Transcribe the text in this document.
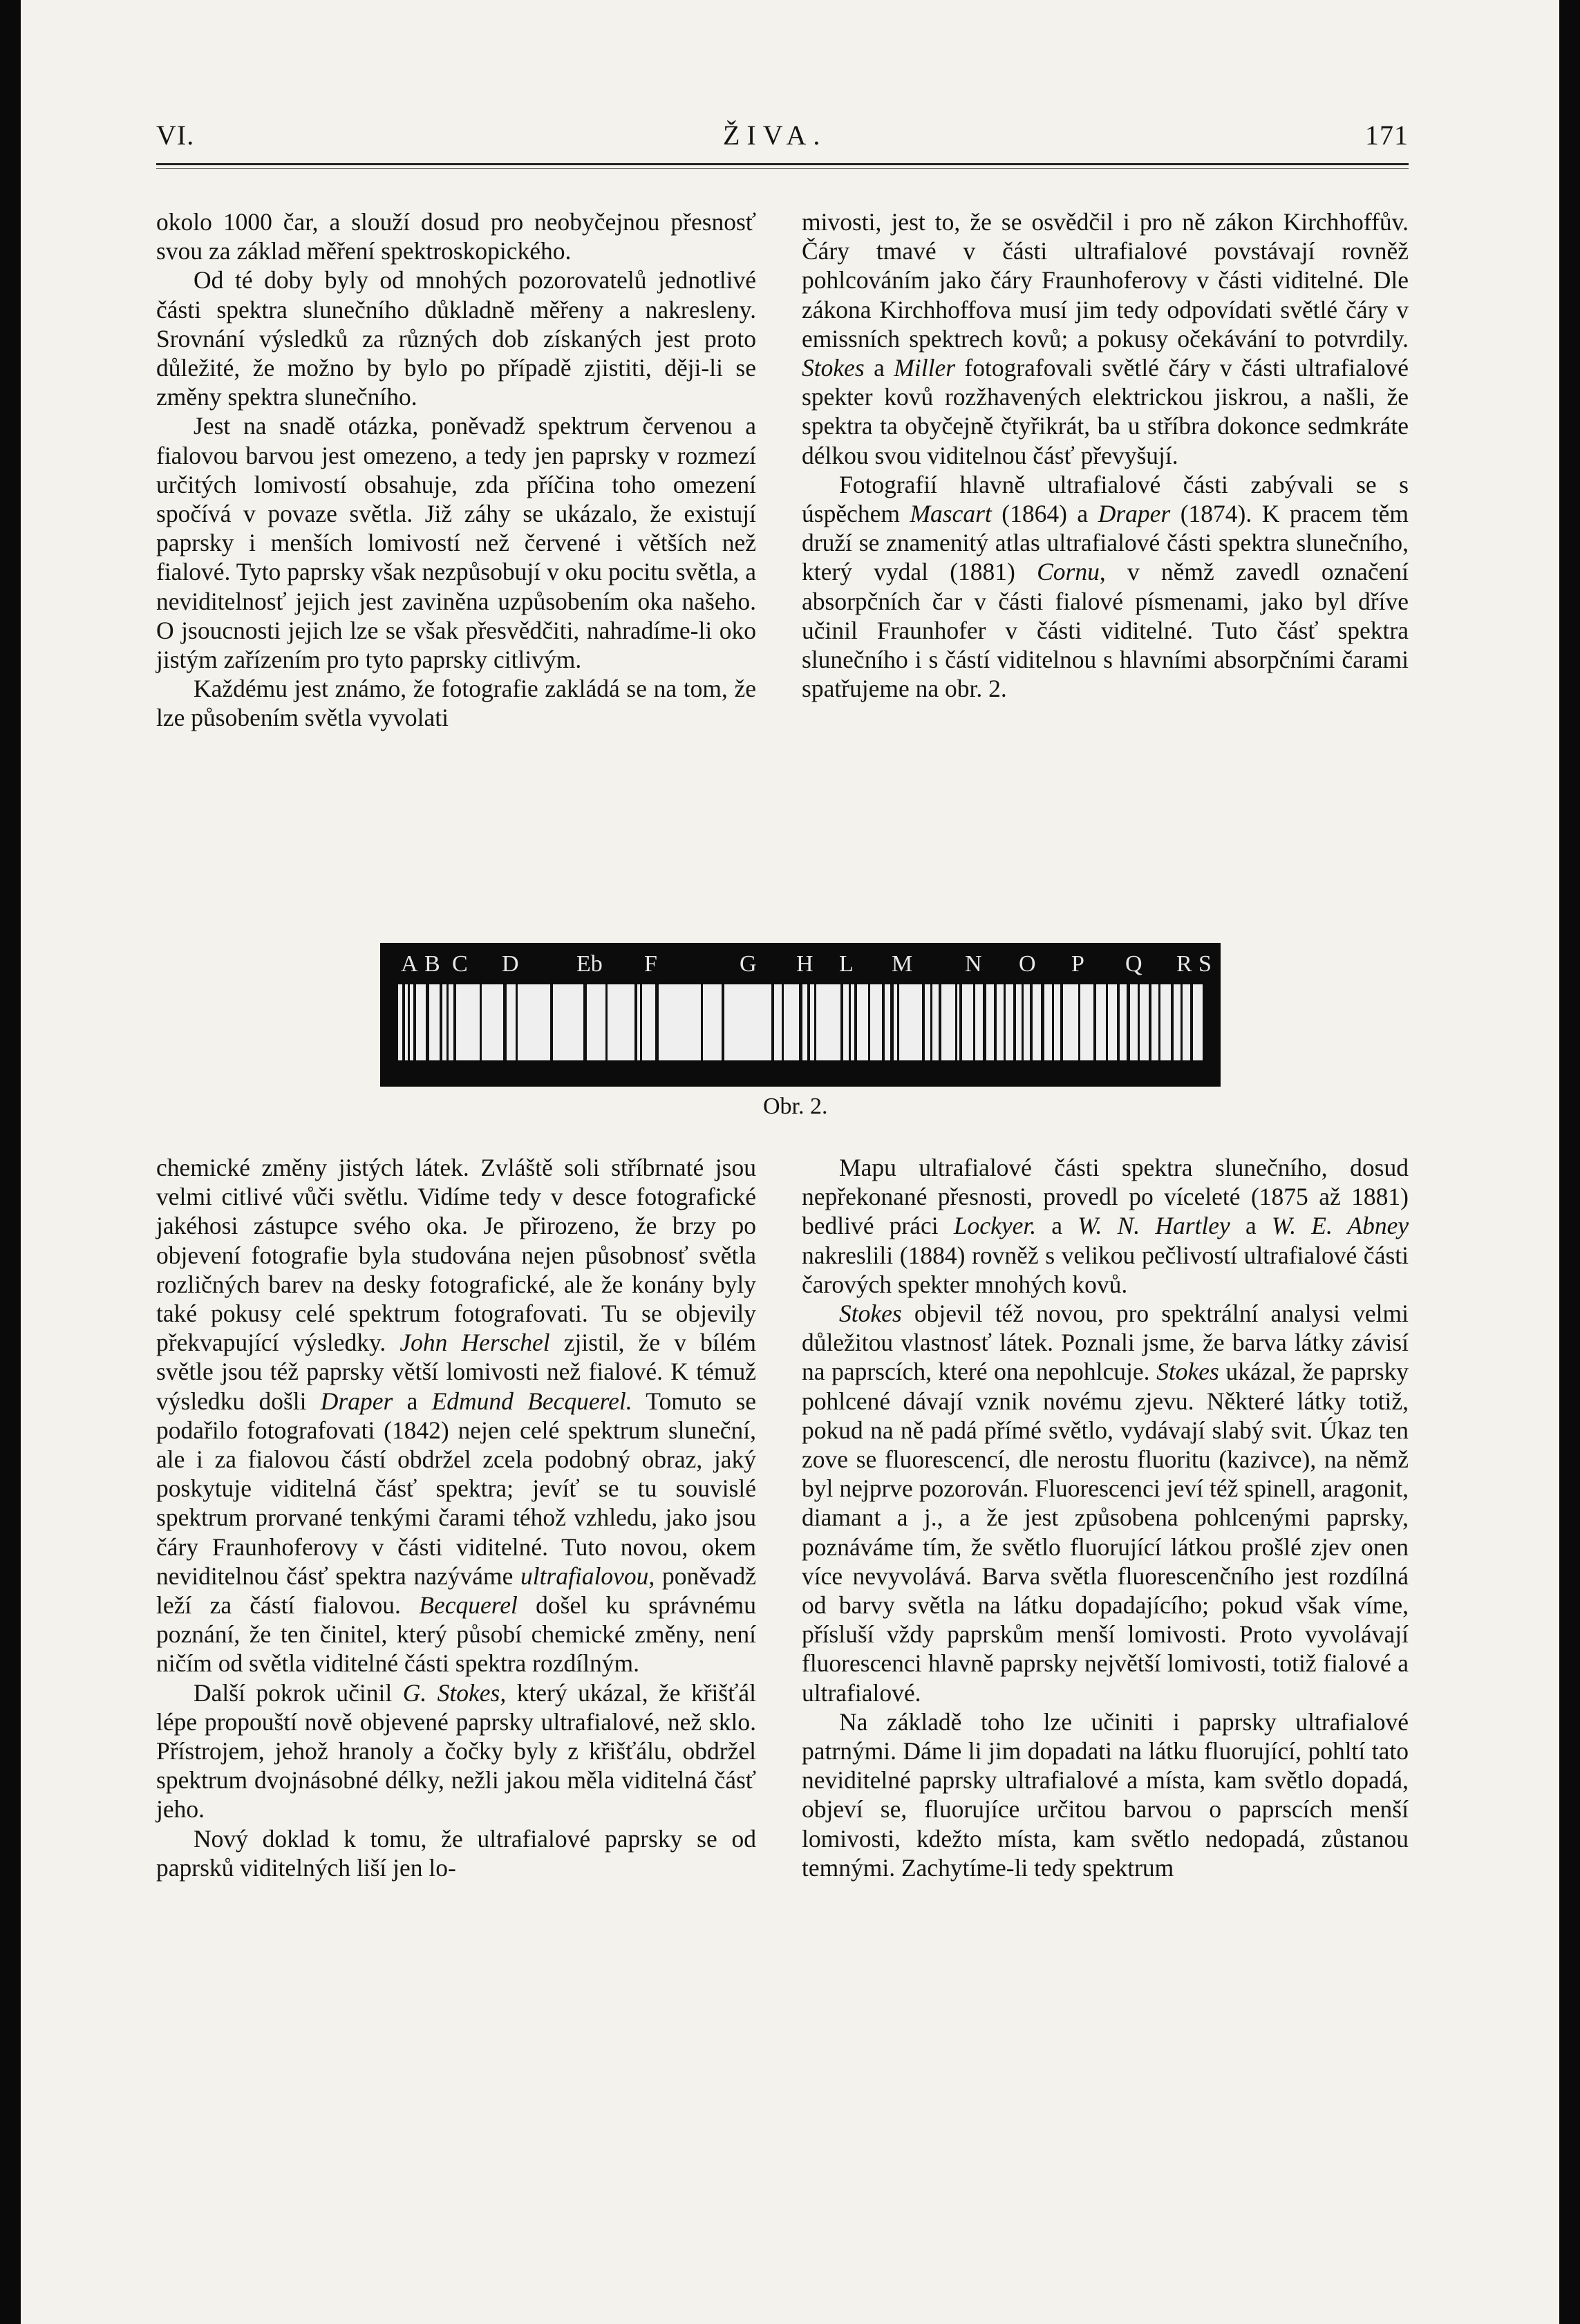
VI.	ŽIVA.	171

okolo 1000 čar, a slouží dosud pro neobyčejnou přesnosť svou za základ měření spektroskopického.

Od té doby byly od mnohých pozorovatelů jednotlivé části spektra slunečního důkladně měřeny a nakresleny. Srovnání výsledků za různých dob získaných jest proto důležité, že možno by bylo po případě zjistiti, ději-li se změny spektra slunečního.

Jest na snadě otázka, poněvadž spektrum červenou a fialovou barvou jest omezeno, a tedy jen paprsky v rozmezí určitých lomivostí obsahuje, zda příčina toho omezení spočívá v povaze světla. Již záhy se ukázalo, že existují paprsky i menších lomivostí než červené i větších než fialové. Tyto paprsky však nezpůsobují v oku pocitu světla, a neviditelnosť jejich jest zaviněna uzpůsobením oka našeho. O jsoucnosti jejich lze se však přesvědčiti, nahradíme-li oko jistým zařízením pro tyto paprsky citlivým.

Každému jest známo, že fotografie zakládá se na tom, že lze působením světla vyvolati

mivosti, jest to, že se osvědčil i pro ně zákon Kirchhoffův. Čáry tmavé v části ultrafialové povstávají rovněž pohlcováním jako čáry Fraunhoferovy v části viditelné. Dle zákona Kirchhoffova musí jim tedy odpovídati světlé čáry v emissních spektrech kovů; a pokusy očekávání to potvrdily. Stokes a Miller fotografovali světlé čáry v části ultrafialové spekter kovů rozžhavených elektrickou jiskrou, a našli, že spektra ta obyčejně čtyřikrát, ba u stříbra dokonce sedmkráte délkou svou viditelnou čásť převyšují.

Fotografií hlavně ultrafialové části zabývali se s úspěchem Mascart (1864) a Draper (1874). K pracem těm druží se znamenitý atlas ultrafialové části spektra slunečního, který vydal (1881) Cornu, v němž zavedl označení absorpčních čar v části fialové písmenami, jako byl dříve učinil Fraunhofer v části viditelné. Tuto čásť spektra slunečního i s částí viditelnou s hlavními absorpčními čarami spatřujeme na obr. 2.

A B C D Eb F	G H L M N O P Q R S
Obr. 2.

chemické změny jistých látek. Zvláště soli stříbrnaté jsou velmi citlivé vůči světlu. Vidíme tedy v desce fotografické jakéhosi zástupce svého oka. Je přirozeno, že brzy po objevení fotografie byla studována nejen působnosť světla rozličných barev na desky fotografické, ale že konány byly také pokusy celé spektrum fotografovati. Tu se objevily překvapující výsledky. John Herschel zjistil, že v bílém světle jsou též paprsky větší lomivosti než fialové. K témuž výsledku došli Draper a Edmund Becquerel. Tomuto se podařilo fotografovati (1842) nejen celé spektrum sluneční, ale i za fialovou částí obdržel zcela podobný obraz, jaký poskytuje viditelná čásť spektra; jevíť se tu souvislé spektrum prorvané tenkými čarami téhož vzhledu, jako jsou čáry Fraunhoferovy v části viditelné. Tuto novou, okem neviditelnou čásť spektra nazýváme ultrafialovou, poněvadž leží za částí fialovou. Becquerel došel ku správnému poznání, že ten činitel, který působí chemické změny, není ničím od světla viditelné části spektra rozdílným.

Další pokrok učinil G. Stokes, který ukázal, že křišťál lépe propouští nově objevené paprsky ultrafialové, než sklo. Přístrojem, jehož hranoly a čočky byly z křišťálu, obdržel spektrum dvojnásobné délky, nežli jakou měla viditelná čásť jeho.

Nový doklad k tomu, že ultrafialové paprsky se od paprsků viditelných liší jen lo-

Mapu ultrafialové části spektra slunečního, dosud nepřekonané přesnosti, provedl po víceleté (1875 až 1881) bedlivé práci Lockyer. a W. N. Hartley a W. E. Abney nakreslili (1884) rovněž s velikou pečlivostí ultrafialové části čarových spekter mnohých kovů.

Stokes objevil též novou, pro spektrální analysi velmi důležitou vlastnosť látek. Poznali jsme, že barva látky závisí na paprscích, které ona nepohlcuje. Stokes ukázal, že paprsky pohlcené dávají vznik novému zjevu. Některé látky totiž, pokud na ně padá přímé světlo, vydávají slabý svit. Úkaz ten zove se fluorescencí, dle nerostu fluoritu (kazivce), na němž byl nejprve pozorován. Fluorescenci jeví též spinell, aragonit, diamant a j., a že jest způsobena pohlcenými paprsky, poznáváme tím, že světlo fluorující látkou prošlé zjev onen více nevyvolává. Barva světla fluorescenčního jest rozdílná od barvy světla na látku dopadajícího; pokud však víme, přísluší vždy paprskům menší lomivosti. Proto vyvolávají fluorescenci hlavně paprsky největší lomivosti, totiž fialové a ultrafialové.

Na základě toho lze učiniti i paprsky ultrafialové patrnými. Dáme li jim dopadati na látku fluorující, pohltí tato neviditelné paprsky ultrafialové a místa, kam světlo dopadá, objeví se, fluorujíce určitou barvou o paprscích menší lomivosti, kdežto místa, kam světlo nedopadá, zůstanou temnými. Zachytíme-li tedy spektrum
